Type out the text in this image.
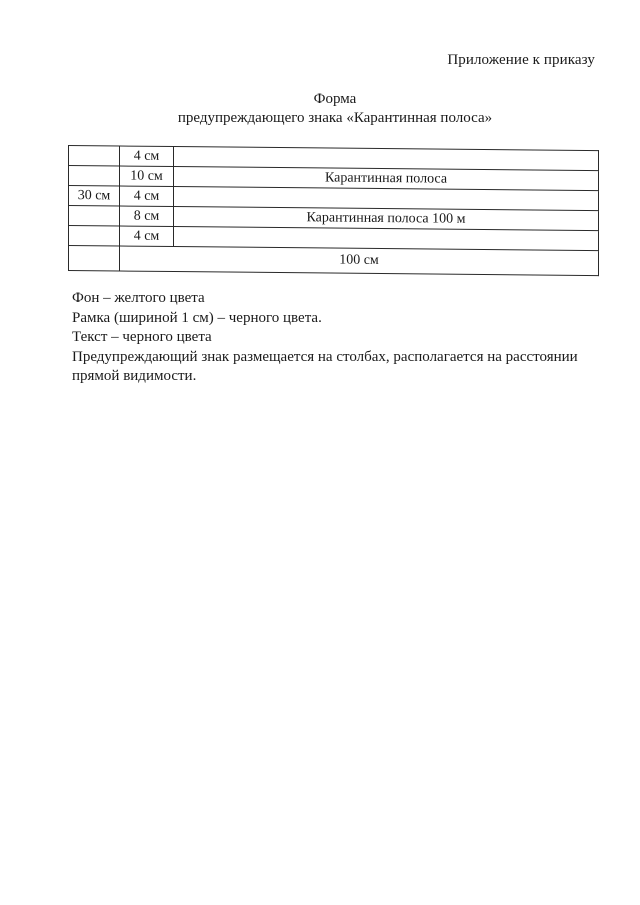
Приложение к приказу
Форма
предупреждающего знака «Карантинная полоса»
	4 см	
	10 см	Карантинная полоса
30 см	4 см	
	8 см	Карантинная полоса 100 м
	4 см	
	100 см	

Фон – желтого цвета

Рамка (шириной 1 см) – черного цвета.

Текст – черного цвета

Предупреждающий знак размещается на столбах, располагается на расстоянии прямой видимости.
